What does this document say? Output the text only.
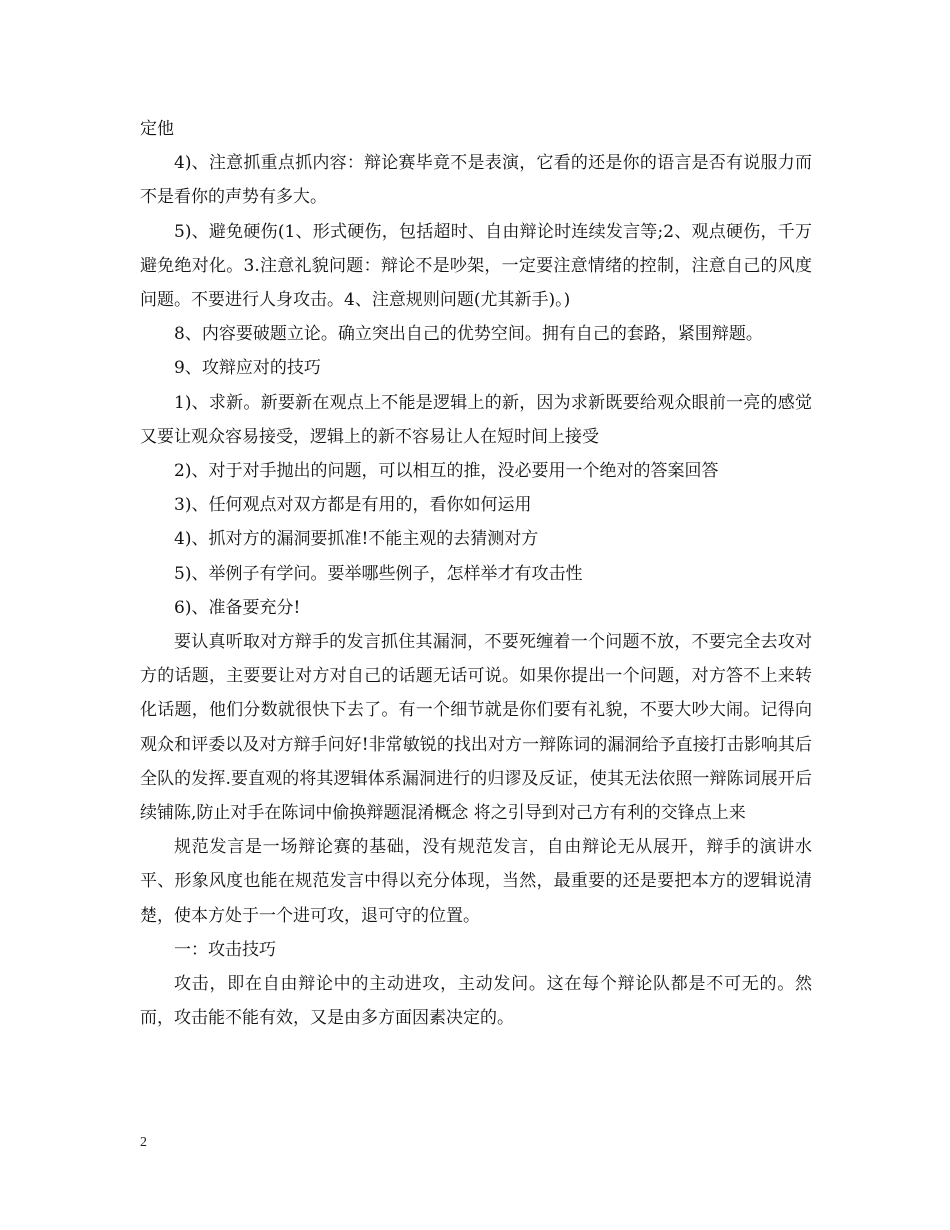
定他

4)、注意抓重点抓内容：辩论赛毕竟不是表演，它看的还是你的语言是否有说服力而不是看你的声势有多大。

5)、避免硬伤(1、形式硬伤，包括超时、自由辩论时连续发言等;2、观点硬伤，千万避免绝对化。3.注意礼貌问题：辩论不是吵架，一定要注意情绪的控制，注意自己的风度问题。不要进行人身攻击。4、注意规则问题(尤其新手)。)

8、内容要破题立论。确立突出自己的优势空间。拥有自己的套路，紧围辩题。

9、攻辩应对的技巧

1)、求新。新要新在观点上不能是逻辑上的新，因为求新既要给观众眼前一亮的感觉又要让观众容易接受，逻辑上的新不容易让人在短时间上接受

2)、对于对手抛出的问题，可以相互的推，没必要用一个绝对的答案回答

3)、任何观点对双方都是有用的，看你如何运用

4)、抓对方的漏洞要抓准!不能主观的去猜测对方

5)、举例子有学问。要举哪些例子，怎样举才有攻击性

6)、准备要充分!

要认真听取对方辩手的发言抓住其漏洞，不要死缠着一个问题不放，不要完全去攻对方的话题，主要要让对方对自己的话题无话可说。如果你提出一个问题，对方答不上来转化话题，他们分数就很快下去了。有一个细节就是你们要有礼貌，不要大吵大闹。记得向观众和评委以及对方辩手问好!非常敏锐的找出对方一辩陈词的漏洞给予直接打击影响其后全队的发挥.要直观的将其逻辑体系漏洞进行的归谬及反证，使其无法依照一辩陈词展开后续铺陈,防止对手在陈词中偷换辩题混淆概念 将之引导到对己方有利的交锋点上来

规范发言是一场辩论赛的基础，没有规范发言，自由辩论无从展开，辩手的演讲水平、形象风度也能在规范发言中得以充分体现，当然，最重要的还是要把本方的逻辑说清楚，使本方处于一个进可攻，退可守的位置。

一：攻击技巧

攻击，即在自由辩论中的主动进攻，主动发问。这在每个辩论队都是不可无的。然而，攻击能不能有效，又是由多方面因素决定的。

2
